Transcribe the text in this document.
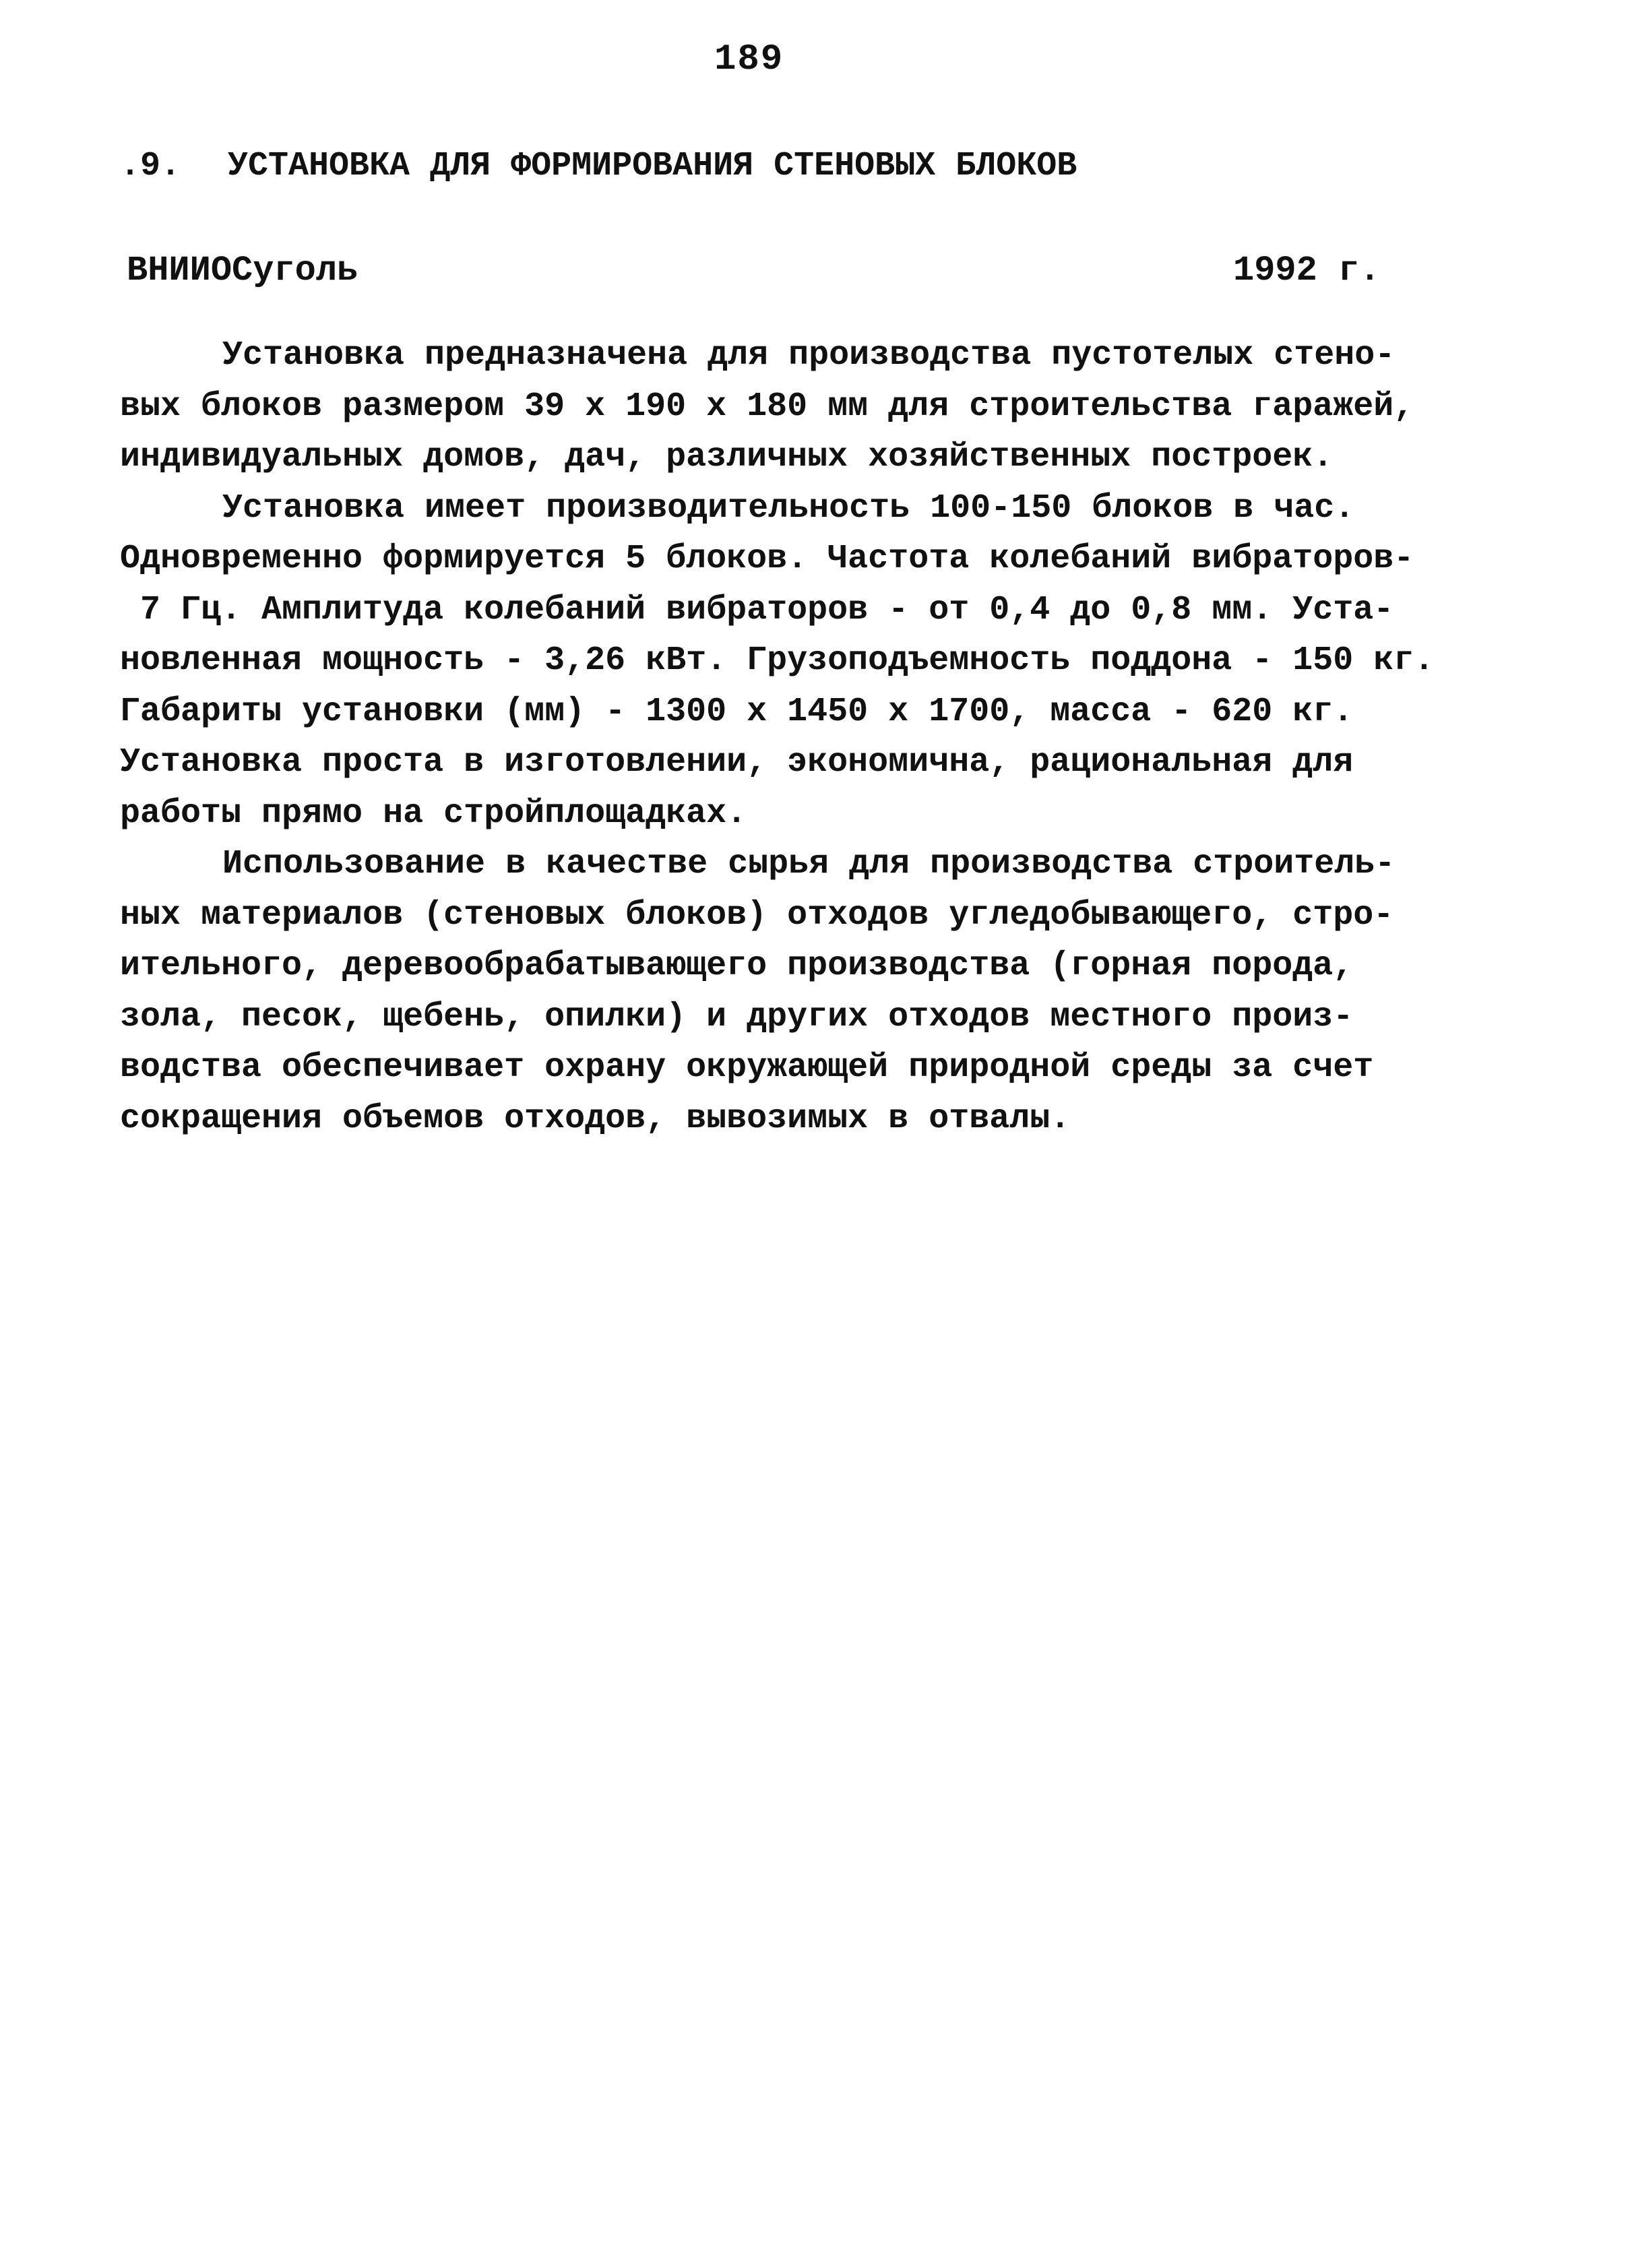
189
.9. УСТАНОВКА ДЛЯ ФОРМИРОВАНИЯ СТЕНОВЫХ БЛОКОВ
ВНИИОСуголь	1992 г.
Установка предназначена для производства пустотелых стено-
вых блоков размером 39 х 190 х 180 мм для строительства гаражей,
индивидуальных домов, дач, различных хозяйственных построек.
Установка имеет производительность 100-150 блоков в час.
Одновременно формируется 5 блоков. Частота колебаний вибраторов-
7 Гц. Амплитуда колебаний вибраторов - от 0,4 до 0,8 мм. Уста-
новленная мощность - 3,26 кВт. Грузоподъемность поддона - 150 кг.
Габариты установки (мм) - 1300 х 1450 х 1700, масса - 620 кг.
Установка проста в изготовлении, экономична, рациональная для
работы прямо на стройплощадках.
Использование в качестве сырья для производства строитель-
ных материалов (стеновых блоков) отходов угледобывающего, стро-
ительного, деревообрабатывающего производства (горная порода,
зола, песок, щебень, опилки) и других отходов местного произ-
водства обеспечивает охрану окружающей природной среды за счет
сокращения объемов отходов, вывозимых в отвалы.
